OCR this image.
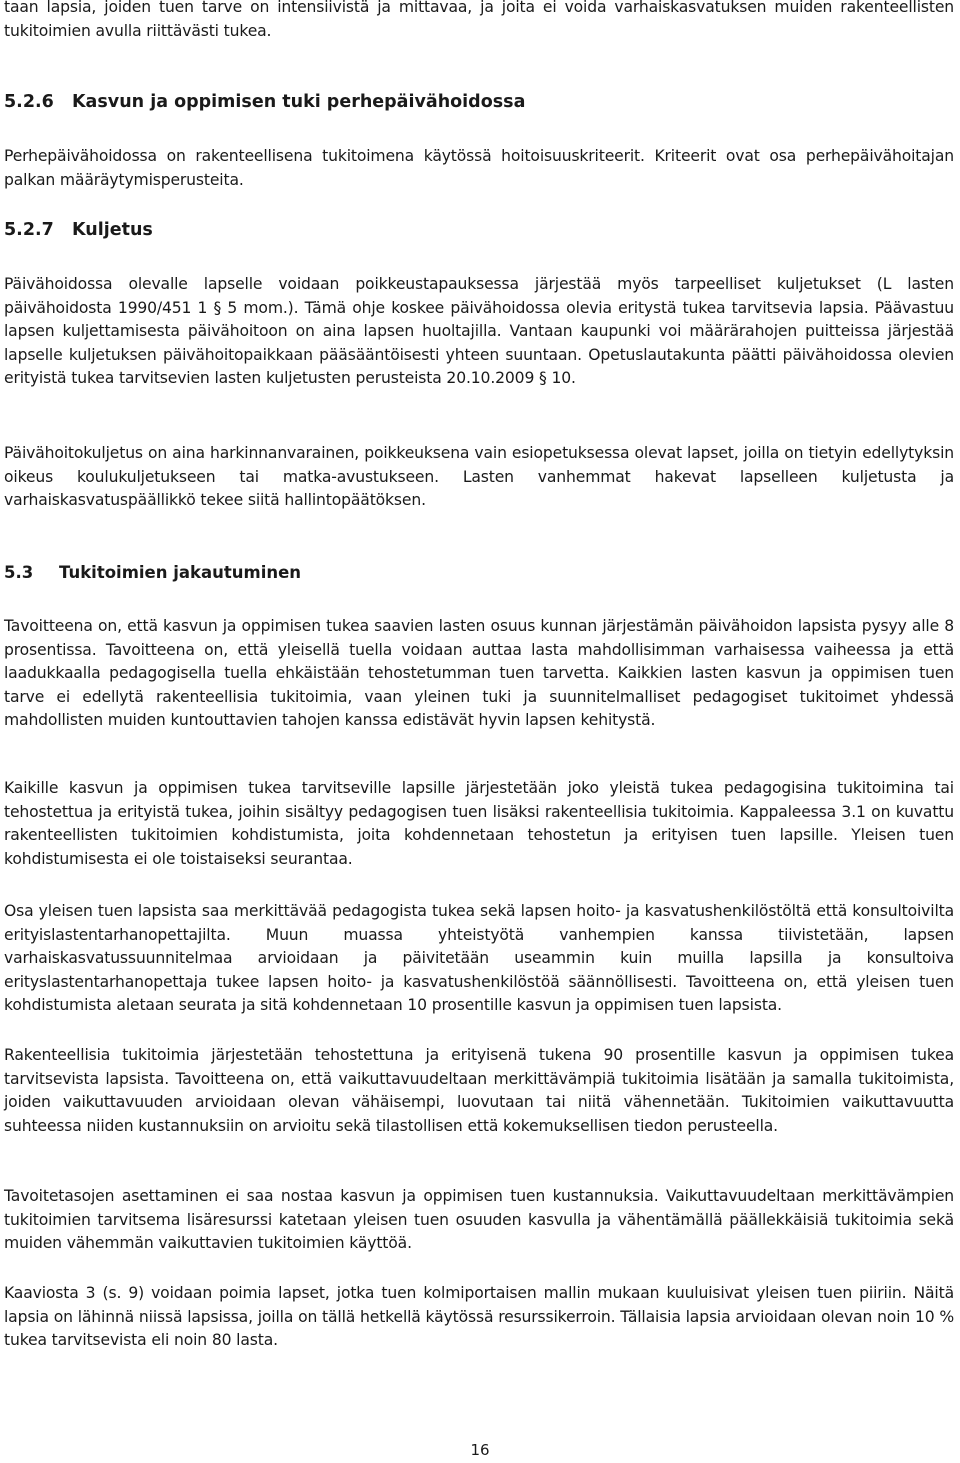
taan lapsia, joiden tuen tarve on intensiivistä ja mittavaa, ja joita ei voida varhaiskasvatuksen muiden rakenteellisten tukitoimien avulla riittävästi tukea.

5.2.6 Kasvun ja oppimisen tuki perhepäivähoidossa

Perhepäivähoidossa on rakenteellisena tukitoimena käytössä hoitoisuuskriteerit. Kriteerit ovat osa perhepäivähoitajan palkan määräytymisperusteita.

5.2.7 Kuljetus

Päivähoidossa olevalle lapselle voidaan poikkeustapauksessa järjestää myös tarpeelliset kuljetukset (L lasten päivähoidosta 1990/451 1 § 5 mom.). Tämä ohje koskee päivähoidossa olevia eritystä tukea tarvitsevia lapsia. Päävastuu lapsen kuljettamisesta päivähoitoon on aina lapsen huoltajilla. Vantaan kaupunki voi määrärahojen puitteissa järjestää lapselle kuljetuksen päivähoitopaikkaan pääsääntöisesti yhteen suuntaan. Opetuslautakunta päätti päivähoidossa olevien erityistä tukea tarvitsevien lasten kuljetusten perusteista 20.10.2009 § 10.

Päivähoitokuljetus on aina harkinnanvarainen, poikkeuksena vain esiopetuksessa olevat lapset, joilla on tietyin edellytyksin oikeus koulukuljetukseen tai matka-avustukseen. Lasten vanhemmat hakevat lapselleen kuljetusta ja varhaiskasvatuspäällikkö tekee siitä hallintopäätöksen.

5.3 Tukitoimien jakautuminen

Tavoitteena on, että kasvun ja oppimisen tukea saavien lasten osuus kunnan järjestämän päivähoidon lapsista pysyy alle 8 prosentissa. Tavoitteena on, että yleisellä tuella voidaan auttaa lasta mahdollisimman varhaisessa vaiheessa ja että laadukkaalla pedagogisella tuella ehkäistään tehostetumman tuen tarvetta. Kaikkien lasten kasvun ja oppimisen tuen tarve ei edellytä rakenteellisia tukitoimia, vaan yleinen tuki ja suunnitelmalliset pedagogiset tukitoimet yhdessä mahdollisten muiden kuntouttavien tahojen kanssa edistävät hyvin lapsen kehitystä.

Kaikille kasvun ja oppimisen tukea tarvitseville lapsille järjestetään joko yleistä tukea pedagogisina tukitoimina tai tehostettua ja erityistä tukea, joihin sisältyy pedagogisen tuen lisäksi rakenteellisia tukitoimia. Kappaleessa 3.1 on kuvattu rakenteellisten tukitoimien kohdistumista, joita kohdennetaan tehostetun ja erityisen tuen lapsille. Yleisen tuen kohdistumisesta ei ole toistaiseksi seurantaa.

Osa yleisen tuen lapsista saa merkittävää pedagogista tukea sekä lapsen hoito- ja kasvatushenkilöstöltä että konsultoivilta erityislastentarhanopettajilta. Muun muassa yhteistyötä vanhempien kanssa tiivistetään, lapsen varhaiskasvatussuunnitelmaa arvioidaan ja päivitetään useammin kuin muilla lapsilla ja konsultoiva erityslastentarhanopettaja tukee lapsen hoito- ja kasvatushenkilöstöä säännöllisesti. Tavoitteena on, että yleisen tuen kohdistumista aletaan seurata ja sitä kohdennetaan 10 prosentille kasvun ja oppimisen tuen lapsista.

Rakenteellisia tukitoimia järjestetään tehostettuna ja erityisenä tukena 90 prosentille kasvun ja oppimisen tukea tarvitsevista lapsista. Tavoitteena on, että vaikuttavuudeltaan merkittävämpiä tukitoimia lisätään ja samalla tukitoimista, joiden vaikuttavuuden arvioidaan olevan vähäisempi, luovutaan tai niitä vähennetään. Tukitoimien vaikuttavuutta suhteessa niiden kustannuksiin on arvioitu sekä tilastollisen että kokemuksellisen tiedon perusteella.

Tavoitetasojen asettaminen ei saa nostaa kasvun ja oppimisen tuen kustannuksia. Vaikuttavuudeltaan merkittävämpien tukitoimien tarvitsema lisäresurssi katetaan yleisen tuen osuuden kasvulla ja vähentämällä päällekkäisiä tukitoimia sekä muiden vähemmän vaikuttavien tukitoimien käyttöä.

Kaaviosta 3 (s. 9) voidaan poimia lapset, jotka tuen kolmiportaisen mallin mukaan kuuluisivat yleisen tuen piiriin. Näitä lapsia on lähinnä niissä lapsissa, joilla on tällä hetkellä käytössä resurssikerroin. Tällaisia lapsia arvioidaan olevan noin 10 % tukea tarvitsevista eli noin 80 lasta.

16
